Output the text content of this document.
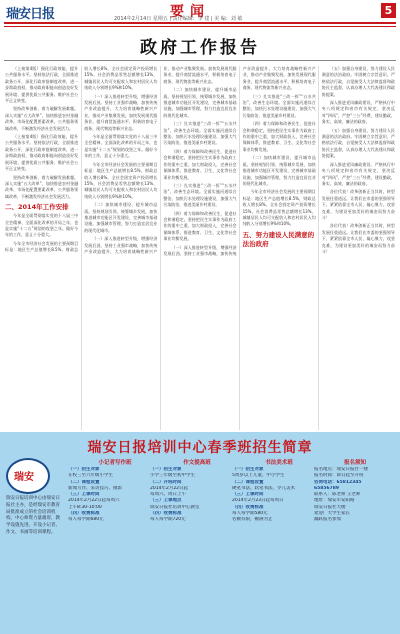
瑞安日报	要闻
2014年2月14日 星期五 | 责任编辑：李 建 | 美 编：刘 敏
5
政府工作报告

（上接第4版）强化行政效能，提升公共服务水平。坚持依法行政，全面推进政务公开，深化行政审批制度改革，进一步简政放权，推动政府职能向创造良好发展环境、提供优质公共服务、维护社会公平正义转变。

坚持改革创新，着力破解发展难题。深入实施“五大改革”，加快推进农村金融改革、市场化配置要素改革、公共服务领域改革，不断激发经济社会发展活力。

（上接第4版）强化行政效能，提升公共服务水平。坚持依法行政，全面推进政务公开，深化行政审批制度改革，进一步简政放权，推动政府职能向创造良好发展环境、提供优质公共服务、维护社会公平正义转变。

坚持改革创新，着力破解发展难题。深入实施“五大改革”，加快推进农村金融改革、市场化配置要素改革、公共服务领域改革，不断激发经济社会发展活力。

二、2014年工作安排

今年是全面贯彻落实党的十八届三中全会精神、全面深化改革的开局之年，也是实施“十二五”规划的攻坚之年。做好今年的工作，意义十分重大。

今年全市经济社会发展的主要预期目标是：地区生产总值增长8.5%，财政总收入增长8%，全社会固定资产投资增长15%，社会消费品零售总额增长13%，城镇居民人均可支配收入和农村居民人均纯收入分别增长9%和10%。

（一）深入推进转型升级，增强经济发展后劲。坚持工业强市战略，加快传统产业改造提升，大力培育战略性新兴产业，推动产业集聚发展。加快发展现代服务业，提升商贸流通水平，积极培育电子商务、现代物流等新兴业态。

今年是全面贯彻落实党的十八届三中全会精神、全面深化改革的开局之年，也是实施“十二五”规划的攻坚之年。做好今年的工作，意义十分重大。

今年全市经济社会发展的主要预期目标是：地区生产总值增长8.5%，财政总收入增长8%，全社会固定资产投资增长15%，社会消费品零售总额增长13%，城镇居民人均可支配收入和农村居民人均纯收入分别增长9%和10%。

（二）加快城市建设，提升城市品质。坚持规划引领，统筹城乡发展，加快推进城市功能区开发建设，完善城市基础设施，加强城市管理，努力打造宜居宜业的现代化城市。

（一）深入推进转型升级，增强经济发展后劲。坚持工业强市战略，加快传统产业改造提升，大力培育战略性新兴产业，推动产业集聚发展。加快发展现代服务业，提升商贸流通水平，积极培育电子商务、现代物流等新兴业态。

（二）加快城市建设，提升城市品质。坚持规划引领，统筹城乡发展，加快推进城市功能区开发建设，完善城市基础设施，加强城市管理，努力打造宜居宜业的现代化城市。

（三）扎实推进“三改一拆”“五水共治”，改善生态环境。全面实施河道综合整治，加快污水处理设施建设，加强大气污染防治，推进美丽乡村建设。

（四）着力保障和改善民生，促进社会和谐稳定。坚持把民生实事作为政府工作的重中之重，加大财政投入，完善社会保障体系，推进教育、卫生、文化等社会事业均衡发展。

（三）扎实推进“三改一拆”“五水共治”，改善生态环境。全面实施河道综合整治，加快污水处理设施建设，加强大气污染防治，推进美丽乡村建设。

（四）着力保障和改善民生，促进社会和谐稳定。坚持把民生实事作为政府工作的重中之重，加大财政投入，完善社会保障体系，推进教育、卫生、文化等社会事业均衡发展。

（一）深入推进转型升级，增强经济发展后劲。坚持工业强市战略，加快传统产业改造提升，大力培育战略性新兴产业，推动产业集聚发展。加快发展现代服务业，提升商贸流通水平，积极培育电子商务、现代物流等新兴业态。

（三）扎实推进“三改一拆”“五水共治”，改善生态环境。全面实施河道综合整治，加快污水处理设施建设，加强大气污染防治，推进美丽乡村建设。

（四）着力保障和改善民生，促进社会和谐稳定。坚持把民生实事作为政府工作的重中之重，加大财政投入，完善社会保障体系，推进教育、卫生、文化等社会事业均衡发展。

（二）加快城市建设，提升城市品质。坚持规划引领，统筹城乡发展，加快推进城市功能区开发建设，完善城市基础设施，加强城市管理，努力打造宜居宜业的现代化城市。

今年全市经济社会发展的主要预期目标是：地区生产总值增长8.5%，财政总收入增长8%，全社会固定资产投资增长15%，社会消费品零售总额增长13%，城镇居民人均可支配收入和农村居民人均纯收入分别增长9%和10%。

五、努力建设人民满意的法治政府

（五）加强自身建设，努力建设人民满意的法治政府。牢固树立宗旨意识，严格依法行政，自觉接受人大法律监督和政协民主监督，认真办理人大代表建议和政协提案。

深入推进党风廉政建设，严格执行中央八项规定和省市有关规定，坚决反对“四风”，严控“三公”经费，建设勤政、务实、高效、廉洁的政府。

（五）加强自身建设，努力建设人民满意的法治政府。牢固树立宗旨意识，严格依法行政，自觉接受人大法律监督和政协民主监督，认真办理人大代表建议和政协提案。

深入推进党风廉政建设，严格执行中央八项规定和省市有关规定，坚决反对“四风”，严控“三公”经费，建设勤政、务实、高效、廉洁的政府。

各位代表！改革创新正当其时，转型发展任重道远。让我们在市委的坚强领导下，紧紧依靠全市人民，凝心聚力，攻坚克难，为建设更加美好的瑞安而努力奋斗！

各位代表！改革创新正当其时，转型发展任重道远。让我们在市委的坚强领导下，紧紧依靠全市人民，凝心聚力，攻坚克难，为建设更加美好的瑞安而努力奋斗！

瑞安日报培训中心春季班招生简章
瑞安
瑞安日报培训中心由瑞安日报社主办，是经瑞安市教育局批准成立的社会培训机构。中心师资力量雄厚，教学设施先进，开设小记者、作文、书画等培训课程。
小记者写作班
（一）招生对象
在校三至六年级小学生
（二）课程设置
新闻写作、采访技巧、摄影
（三）上课时间
2014年2月22日起每周六
上午8:30-10:00
（四）收费标准
每人每学期680元
作文提高班
（一）招生对象
小学三年级至初中学生
（二）开班时间
2014年2月22日起
每周六、周日上午
（三）上课地点
瑞安日报社培训中心教室
（四）收费标准
每人每学期720元
书法美术班
（一）招生对象
5周岁以上儿童、中小学生
（二）课程设置
硬笔书法、软笔书法、少儿美术
（三）上课时间
2014年2月23日起每周日
（四）收费标准
每人每学期580元
名额有限，额满为止
报名须知
报名地点：瑞安日报社一楼
报名时间：即日起至开班
咨询电话：65812345
65856789
联系人：陈老师 王老师
地址：瑞安市安阳路
瑞安日报社大楼
欢迎广大学生家长
踊跃报名参加
